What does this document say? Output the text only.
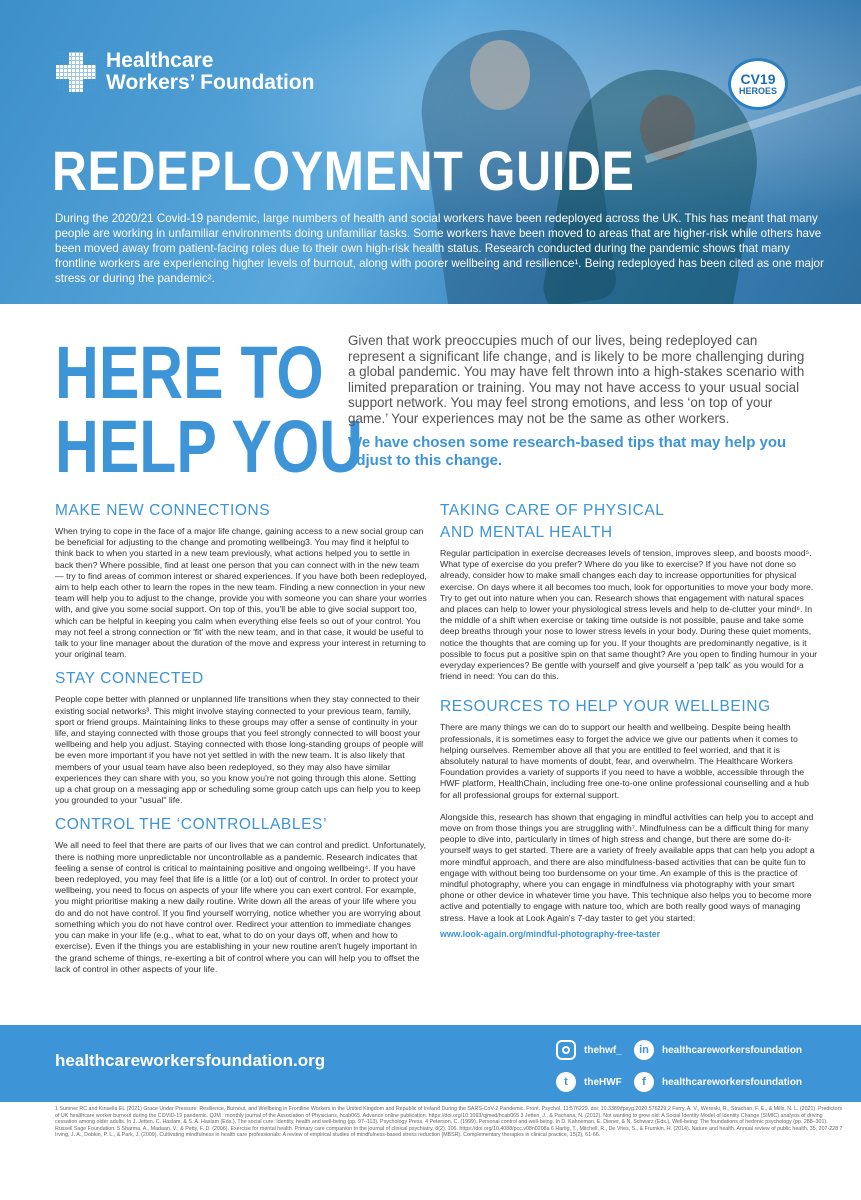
Healthcare
Workers’ Foundation	CV19
HEROES
REDEPLOYMENT GUIDE

During the 2020/21 Covid-19 pandemic, large numbers of health and social workers have been redeployed across the UK. This has meant that many people are working in unfamiliar environments doing unfamiliar tasks. Some workers have been moved to areas that are higher-risk while others have been moved away from patient-facing roles due to their own high-risk health status. Research conducted during the pandemic shows that many frontline workers are experiencing higher levels of burnout, along with poorer wellbeing and resilience¹. Being redeployed has been cited as one major stress or during the pandemic².

HERE TO
HELP YOU

Given that work preoccupies much of our lives, being redeployed can represent a significant life change, and is likely to be more challenging during a global pandemic. You may have felt thrown into a high-stakes scenario with limited preparation or training. You may not have access to your usual social support network. You may feel strong emotions, and less ‘on top of your game.’ Your experiences may not be the same as other workers.

We have chosen some research-based tips that may help you adjust to this change.

MAKE NEW CONNECTIONS

When trying to cope in the face of a major life change, gaining access to a new social group can be beneficial for adjusting to the change and promoting wellbeing3. You may find it helpful to think back to when you started in a new team previously, what actions helped you to settle in back then? Where possible, find at least one person that you can connect with in the new team — try to find areas of common interest or shared experiences. If you have both been redeployed, aim to help each other to learn the ropes in the new team. Finding a new connection in your new team will help you to adjust to the change, provide you with someone you can share your worries with, and give you some social support. On top of this, you'll be able to give social support too, which can be helpful in keeping you calm when everything else feels so out of your control. You may not feel a strong connection or 'fit' with the new team, and in that case, it would be useful to talk to your line manager about the duration of the move and express your interest in returning to your original team.

STAY CONNECTED

People cope better with planned or unplanned life transitions when they stay connected to their existing social networks³. This might involve staying connected to your previous team, family, sport or friend groups. Maintaining links to these groups may offer a sense of continuity in your life, and staying connected with those groups that you feel strongly connected to will boost your wellbeing and help you adjust. Staying connected with those long-standing groups of people will be even more important if you have not yet settled in with the new team. It is also likely that members of your usual team have also been redeployed, so they may also have similar experiences they can share with you, so you know you're not going through this alone. Setting up a chat group on a messaging app or scheduling some group catch ups can help you to keep you grounded to your "usual" life.

CONTROL THE ‘CONTROLLABLES’

We all need to feel that there are parts of our lives that we can control and predict. Unfortunately, there is nothing more unpredictable nor uncontrollable as a pandemic. Research indicates that feeling a sense of control is critical to maintaining positive and ongoing wellbeing⁴. If you have been redeployed, you may feel that life is a little (or a lot) out of control. In order to protect your wellbeing, you need to focus on aspects of your life where you can exert control. For example, you might prioritise making a new daily routine. Write down all the areas of your life where you do and do not have control. If you find yourself worrying, notice whether you are worrying about something which you do not have control over. Redirect your attention to immediate changes you can make in your life (e.g., what to eat, what to do on your days off, when and how to exercise). Even if the things you are establishing in your new routine aren't hugely important in the grand scheme of things, re-exerting a bit of control where you can will help you to offset the lack of control in other aspects of your life.

TAKING CARE OF PHYSICAL
AND MENTAL HEALTH

Regular participation in exercise decreases levels of tension, improves sleep, and boosts mood⁵. What type of exercise do you prefer? Where do you like to exercise? If you have not done so already, consider how to make small changes each day to increase opportunities for physical exercise. On days where it all becomes too much, look for opportunities to move your body more. Try to get out into nature when you can. Research shows that engagement with natural spaces and places can help to lower your physiological stress levels and help to de-clutter your mind⁶. In the middle of a shift when exercise or taking time outside is not possible, pause and take some deep breaths through your nose to lower stress levels in your body. During these quiet moments, notice the thoughts that are coming up for you. If your thoughts are predominantly negative, is it possible to focus put a positive spin on that same thought? Are you open to finding humour in your everyday experiences? Be gentle with yourself and give yourself a 'pep talk' as you would for a friend in need: You can do this.

RESOURCES TO HELP YOUR WELLBEING

There are many things we can do to support our health and wellbeing. Despite being health professionals, it is sometimes easy to forget the advice we give our patients when it comes to helping ourselves. Remember above all that you are entitled to feel worried, and that it is absolutely natural to have moments of doubt, fear, and overwhelm. The Healthcare Workers Foundation provides a variety of supports if you need to have a wobble, accessible through the HWF platform, HealthChain, including free one-to-one online professional counselling and a hub for all professional groups for external support.

Alongside this, research has shown that engaging in mindful activities can help you to accept and move on from those things you are struggling with⁷. Mindfulness can be a difficult thing for many people to dive into, particularly in times of high stress and change, but there are some do-it-yourself ways to get started. There are a variety of freely available apps that can help you adopt a more mindful approach, and there are also mindfulness-based activities that can be quite fun to engage with without being too burdensome on your time. An example of this is the practice of mindful photography, where you can engage in mindfulness via photography with your smart phone or other device in whatever time you have. This technique also helps you to become more active and potentially to engage with nature too, which are both really good ways of managing stress. Have a look at Look Again's 7-day taster to get you started:

www.look-again.org/mindful-photography-free-taster
healthcareworkersfoundation.org
thehwf_
t	theHWF
in	healthcareworkersfoundation
f	healthcareworkersfoundation

1 Sumner RC and Kinsella EL (2021) Grace Under Pressure: Resilience, Burnout, and Wellbeing in Frontline Workers in the United Kingdom and Republic of Ireland During the SARS-CoV-2 Pandemic. Front. Psychol. 11:576229. doi: 10.3389/fpsyg.2020.576229 2 Ferry, A. V., Wereski, R., Strachan, F. E., & Mills, N. L. (2021). Predictors of UK healthcare worker burnout during the COVID-19 pandemic. QJM : monthly journal of the Association of Physicians, hcab065. Advance online publication. https://doi.org/10.1093/qjmed/hcab065 3 Jetten, J., & Pachana, N. (2012). Not wanting to grow old: A Social Identity Model of Identity Change (SIMIC) analysis of driving cessation among older adults. In J. Jetten, C. Haslam, & S. A. Haslam (Eds.), The social cure: Identity, health and well-being (pp. 97–113). Psychology Press. 4 Peterson, C. (1999). Personal control and well-being. In D. Kahneman, E. Diener, & N. Schwarz (Eds.), Well-being: The foundations of hedonic psychology (pp. 288–301). Russell Sage Foundation. 5 Sharma, A., Madaan, V., & Petty, F. D. (2006). Exercise for mental health. Primary care companion to the journal of clinical psychiatry, 8(2), 106. https://doi.org/10.4088/pcc.v08n0208a 6 Hartig, T., Mitchell, R., De Vries, S., & Frumkin, H. (2014). Nature and health. Annual review of public health, 35, 207-228 7 Irving, J. A., Dobkin, P. L., & Park, J. (2009). Cultivating mindfulness in health care professionals: A review of empirical studies of mindfulness-based stress reduction (MBSR). Complementary therapies in clinical practice, 15(2), 61-66.
